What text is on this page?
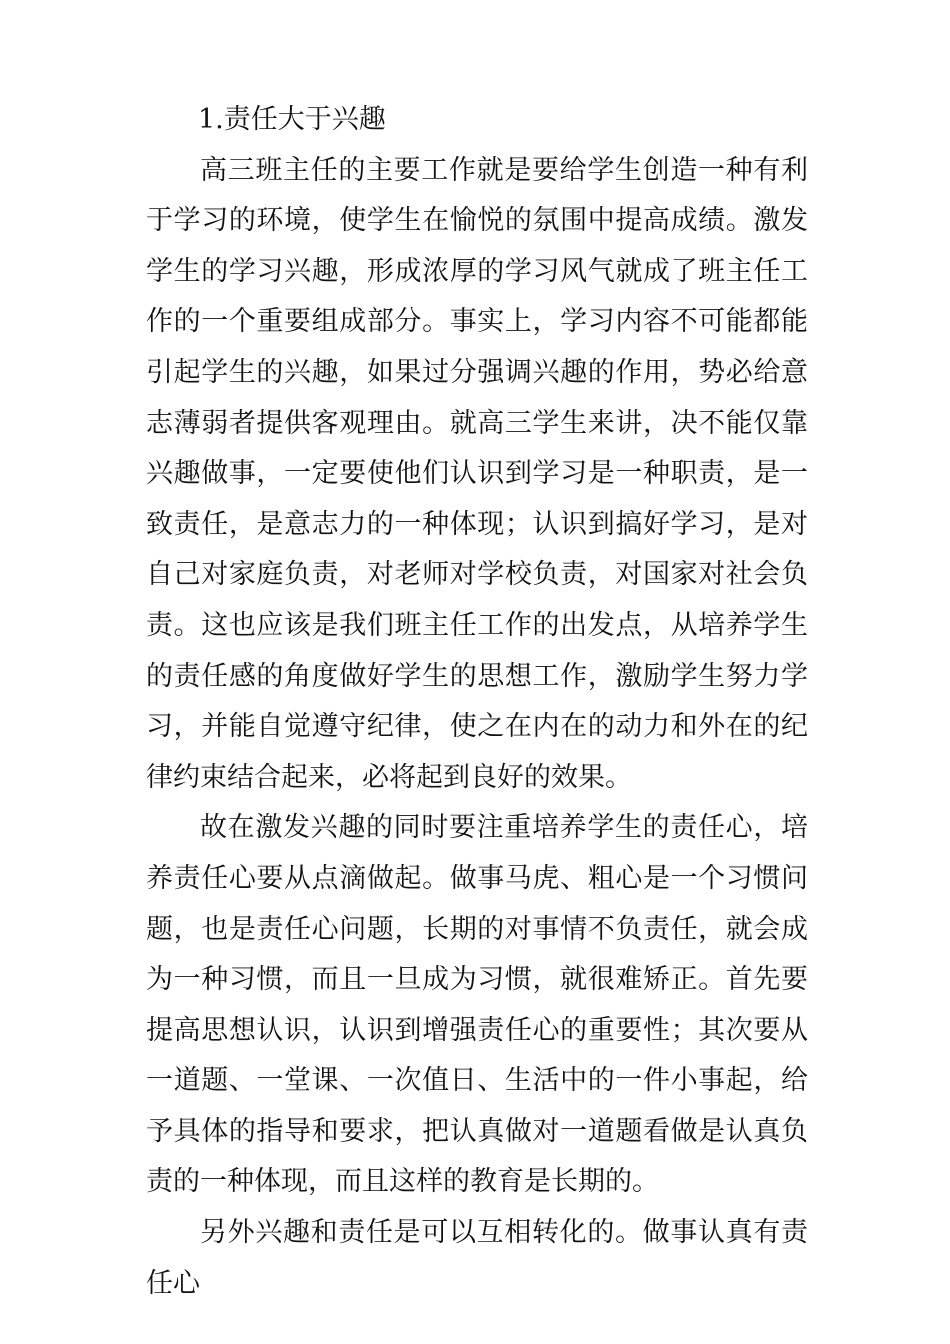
1.责任大于兴趣

高三班主任的主要工作就是要给学生创造一种有利于学习的环境，使学生在愉悦的氛围中提高成绩。激发学生的学习兴趣，形成浓厚的学习风气就成了班主任工作的一个重要组成部分。事实上，学习内容不可能都能引起学生的兴趣，如果过分强调兴趣的作用，势必给意志薄弱者提供客观理由。就高三学生来讲，决不能仅靠兴趣做事，一定要使他们认识到学习是一种职责，是一致责任，是意志力的一种体现；认识到搞好学习，是对自己对家庭负责，对老师对学校负责，对国家对社会负责。这也应该是我们班主任工作的出发点，从培养学生的责任感的角度做好学生的思想工作，激励学生努力学习，并能自觉遵守纪律，使之在内在的动力和外在的纪律约束结合起来，必将起到良好的效果。

故在激发兴趣的同时要注重培养学生的责任心，培养责任心要从点滴做起。做事马虎、粗心是一个习惯问题，也是责任心问题，长期的对事情不负责任，就会成为一种习惯，而且一旦成为习惯，就很难矫正。首先要提高思想认识，认识到增强责任心的重要性；其次要从一道题、一堂课、一次值日、生活中的一件小事起，给予具体的指导和要求，把认真做对一道题看做是认真负责的一种体现，而且这样的教育是长期的。

另外兴趣和责任是可以互相转化的。做事认真有责任心
